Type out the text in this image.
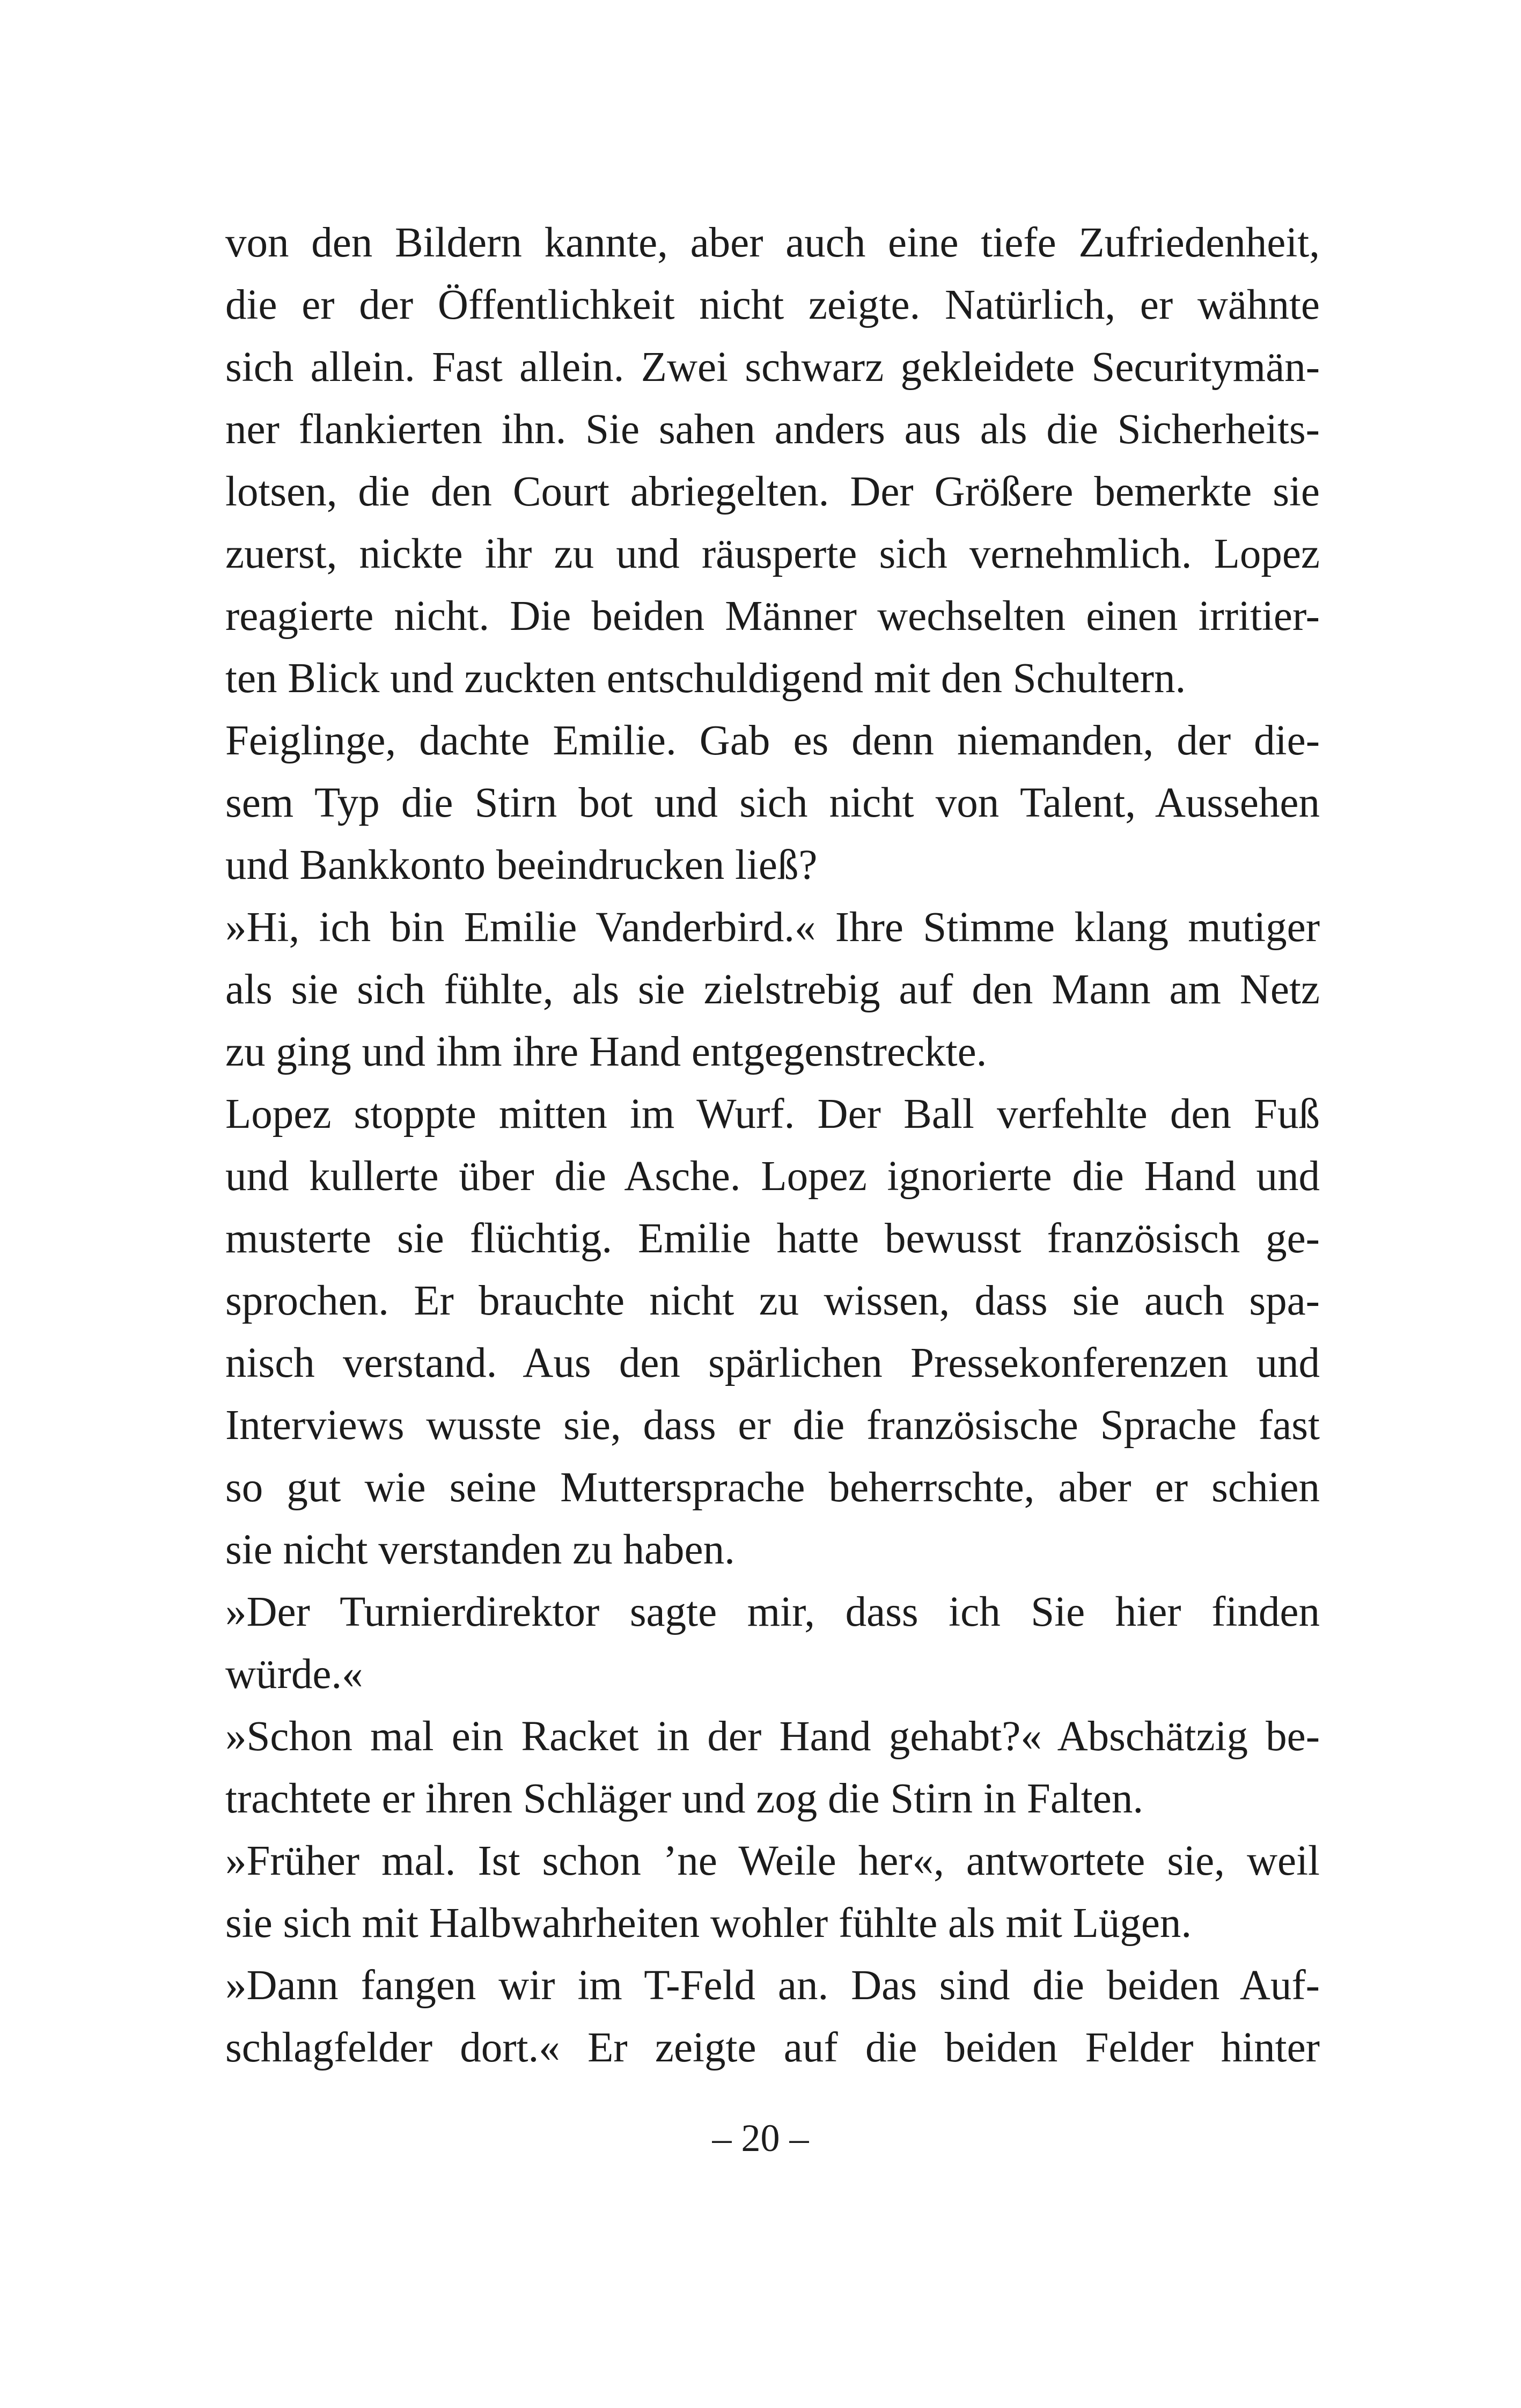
von den Bildern kannte, aber auch eine tiefe Zufriedenheit,
die er der Öffentlichkeit nicht zeigte. Natürlich, er wähnte
sich allein. Fast allein. Zwei schwarz gekleidete Securitymän-
ner flankierten ihn. Sie sahen anders aus als die Sicherheits-
lotsen, die den Court abriegelten. Der Größere bemerkte sie
zuerst, nickte ihr zu und räusperte sich vernehmlich. Lopez
reagierte nicht. Die beiden Männer wechselten einen irritier-
ten Blick und zuckten entschuldigend mit den Schultern.
Feiglinge, dachte Emilie. Gab es denn niemanden, der die-
sem Typ die Stirn bot und sich nicht von Talent, Aussehen
und Bankkonto beeindrucken ließ?
»Hi, ich bin Emilie Vanderbird.« Ihre Stimme klang mutiger
als sie sich fühlte, als sie zielstrebig auf den Mann am Netz
zu ging und ihm ihre Hand entgegenstreckte.
Lopez stoppte mitten im Wurf. Der Ball verfehlte den Fuß
und kullerte über die Asche. Lopez ignorierte die Hand und
musterte sie flüchtig. Emilie hatte bewusst französisch ge-
sprochen. Er brauchte nicht zu wissen, dass sie auch spa-
nisch verstand. Aus den spärlichen Pressekonferenzen und
Interviews wusste sie, dass er die französische Sprache fast
so gut wie seine Muttersprache beherrschte, aber er schien
sie nicht verstanden zu haben.
»Der Turnierdirektor sagte mir, dass ich Sie hier finden
würde.«
»Schon mal ein Racket in der Hand gehabt?« Abschätzig be-
trachtete er ihren Schläger und zog die Stirn in Falten.
»Früher mal. Ist schon ’ne Weile her«, antwortete sie, weil
sie sich mit Halbwahrheiten wohler fühlte als mit Lügen.
»Dann fangen wir im T-Feld an. Das sind die beiden Auf-
schlagfelder dort.« Er zeigte auf die beiden Felder hinter
– 20 –
